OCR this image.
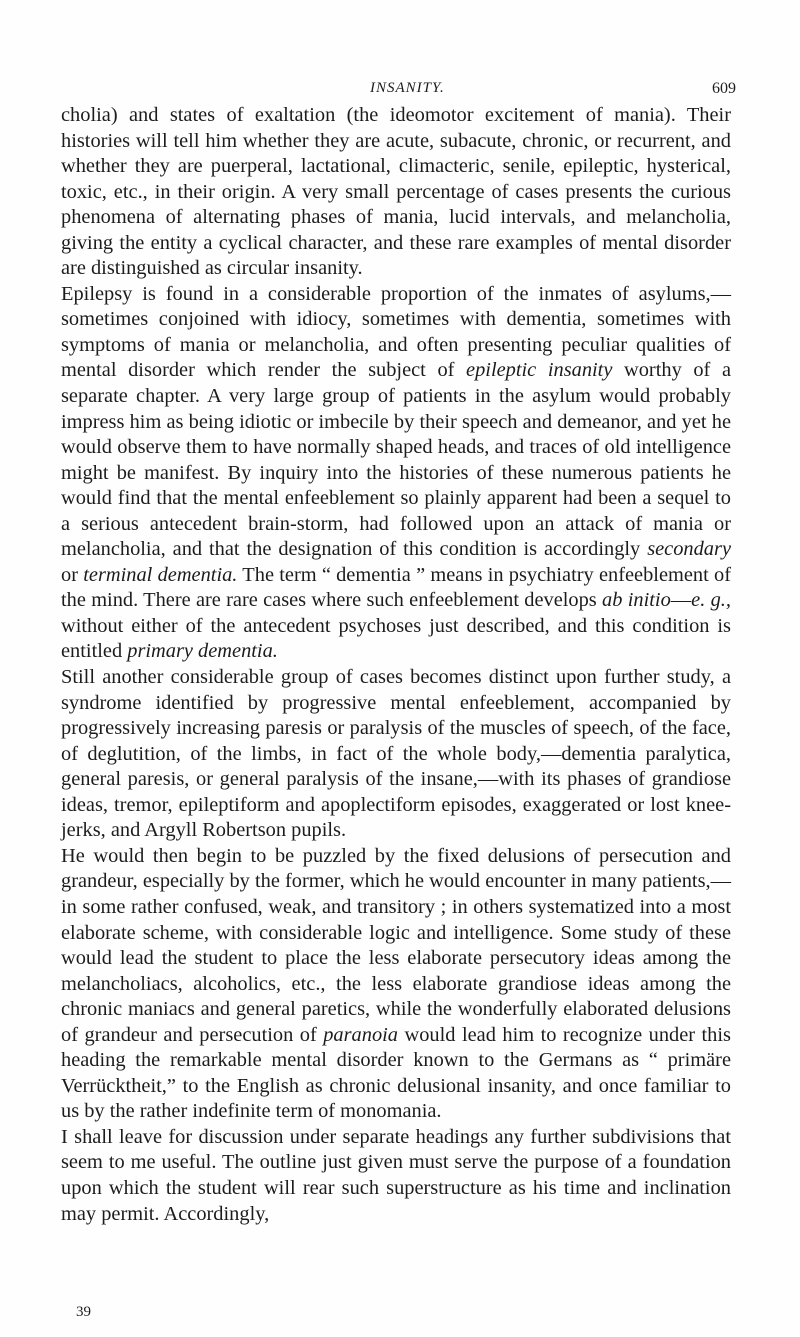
INSANITY.	609

cholia) and states of exaltation (the ideomotor excitement of mania). Their histories will tell him whether they are acute, subacute, chronic, or recurrent, and whether they are puerperal, lactational, climacteric, senile, epileptic, hysterical, toxic, etc., in their origin. A very small percentage of cases presents the curious phenomena of alternating phases of mania, lucid intervals, and melancholia, giving the entity a cyclical character, and these rare examples of mental disorder are distinguished as circular insanity.

Epilepsy is found in a considerable proportion of the inmates of asylums,—sometimes conjoined with idiocy, sometimes with dementia, sometimes with symptoms of mania or melancholia, and often presenting peculiar qualities of mental disorder which render the subject of epileptic insanity worthy of a separate chapter. A very large group of patients in the asylum would probably impress him as being idiotic or imbecile by their speech and demeanor, and yet he would observe them to have normally shaped heads, and traces of old intelligence might be manifest. By inquiry into the histories of these numerous patients he would find that the mental enfeeblement so plainly apparent had been a sequel to a serious antecedent brain-storm, had followed upon an attack of mania or melancholia, and that the designation of this condition is accordingly secondary or terminal dementia. The term “ dementia ” means in psychiatry enfeeblement of the mind. There are rare cases where such enfeeblement develops ab initio—e. g., without either of the antecedent psychoses just described, and this condition is entitled primary dementia.

Still another considerable group of cases becomes distinct upon further study, a syndrome identified by progressive mental enfeeblement, accompanied by progressively increasing paresis or paralysis of the muscles of speech, of the face, of deglutition, of the limbs, in fact of the whole body,—dementia paralytica, general paresis, or general paralysis of the insane,—with its phases of grandiose ideas, tremor, epileptiform and apoplectiform episodes, exaggerated or lost knee-jerks, and Argyll Robertson pupils.

He would then begin to be puzzled by the fixed delusions of persecution and grandeur, especially by the former, which he would encounter in many patients,—in some rather confused, weak, and transitory ; in others systematized into a most elaborate scheme, with considerable logic and intelligence. Some study of these would lead the student to place the less elaborate persecutory ideas among the melancholiacs, alcoholics, etc., the less elaborate grandiose ideas among the chronic maniacs and general paretics, while the wonderfully elaborated delusions of grandeur and persecution of paranoia would lead him to recognize under this heading the remarkable mental disorder known to the Germans as “ primäre Verrücktheit,” to the English as chronic delusional insanity, and once familiar to us by the rather indefinite term of monomania.

I shall leave for discussion under separate headings any further subdivisions that seem to me useful. The outline just given must serve the purpose of a foundation upon which the student will rear such superstructure as his time and inclination may permit. Accordingly,

39
